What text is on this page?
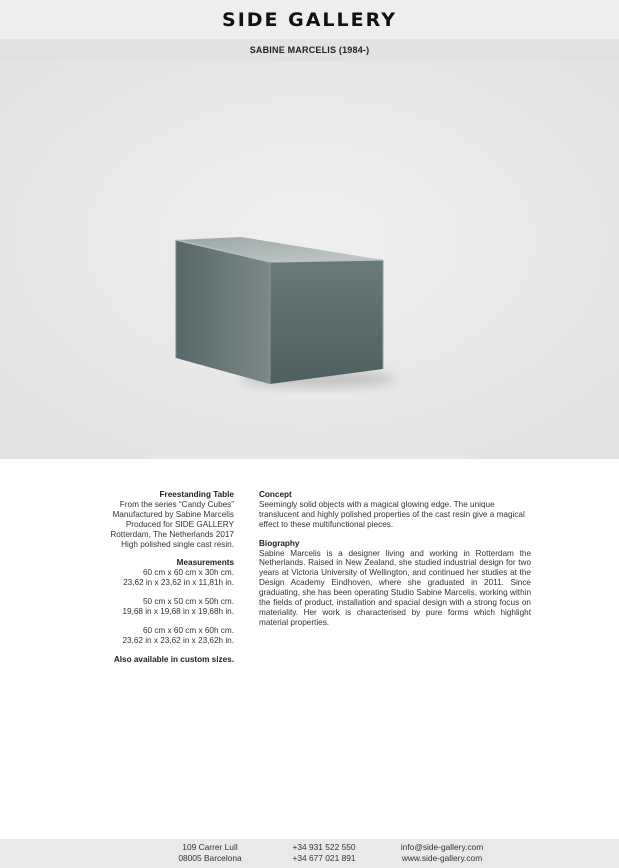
SIDE GALLERY
SABINE MARCELIS (1984-)
Freestanding Table
From the series “Candy Cubes”
Manufactured by Sabine Marcelis
Produced for SIDE GALLERY
Rotterdam, The Netherlands 2017
High polished single cast resin.
Measurements
60 cm x 60 cm x 30h cm.
23,62 in x 23,62 in x 11,81h in.
50 cm x 50 cm x 50h cm.
19,68 in x 19,68 in x 19,68h in.
60 cm x 60 cm x 60h cm.
23,62 in x 23,62 in x 23,62h in.
Also available in custom sizes.
Concept
Seemingly solid objects with a magical glowing edge. The unique translucent and highly polished properties of the cast resin give a magical effect to these multifunctional pieces.
Biography
Sabine Marcelis is a designer living and working in Rotterdam the Netherlands. Raised in New Zealand, she studied industrial design for two years at Victoria University of Wellington, and continued her studies at the Design Academy Eindhoven, where she graduated in 2011. Since graduating, she has been operating Studio Sabine Marcelis, working within the fields of product, installation and spacial design with a strong focus on materiality. Her work is characterised by pure forms which highlight material properties.
109 Carrer Lull
08005 Barcelona
+34 931 522 550
+34 677 021 891
info@side-gallery.com
www.side-gallery.com
